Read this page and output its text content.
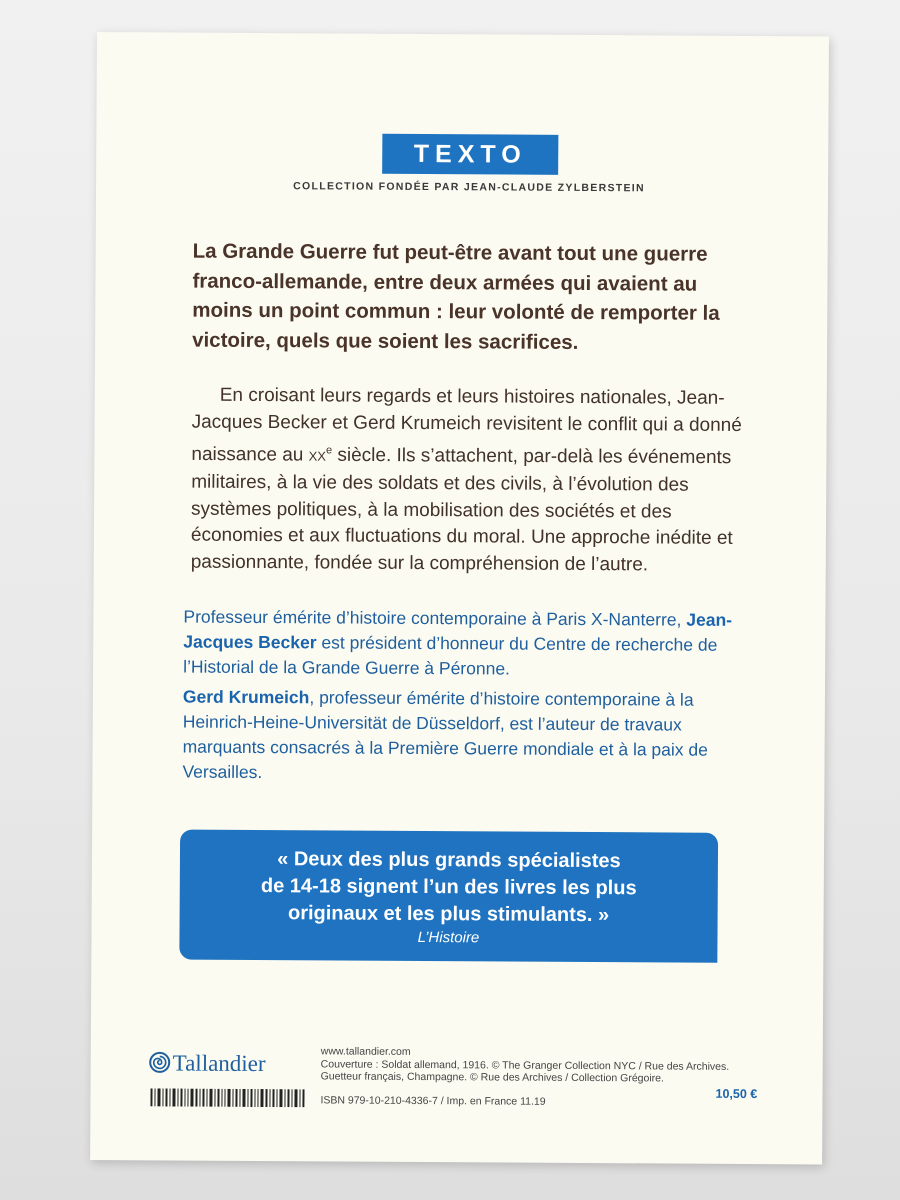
TEXTO
COLLECTION FONDÉE PAR JEAN-CLAUDE ZYLBERSTEIN

La Grande Guerre fut peut-être avant tout une guerre franco-allemande, entre deux armées qui avaient au moins un point commun : leur volonté de remporter la victoire, quels que soient les sacrifices.

En croisant leurs regards et leurs histoires nationales, Jean-Jacques Becker et Gerd Krumeich revisitent le conflit qui a donné naissance au XXe siècle. Ils s’attachent, par-delà les événements militaires, à la vie des soldats et des civils, à l’évolution des systèmes politiques, à la mobilisation des sociétés et des économies et aux fluctuations du moral. Une approche inédite et passionnante, fondée sur la compréhension de l’autre.

Professeur émérite d’histoire contemporaine à Paris X-Nanterre, Jean-Jacques Becker est président d’honneur du Centre de recherche de l’Historial de la Grande Guerre à Péronne.

Gerd Krumeich, professeur émérite d’histoire contemporaine à la Heinrich-Heine-Universität de Düsseldorf, est l’auteur de travaux marquants consacrés à la Première Guerre mondiale et à la paix de Versailles.

« Deux des plus grands spécialistes
de 14-18 signent l’un des livres les plus
originaux et les plus stimulants. »

L’Histoire

Tallandier	www.tallandier.com
Couverture : Soldat allemand, 1916. © The Granger Collection NYC / Rue des Archives.
Guetteur français, Champagne. © Rue des Archives / Collection Grégoire.
ISBN 979-10-210-4336-7 / Imp. en France 11.19
10,50 €
